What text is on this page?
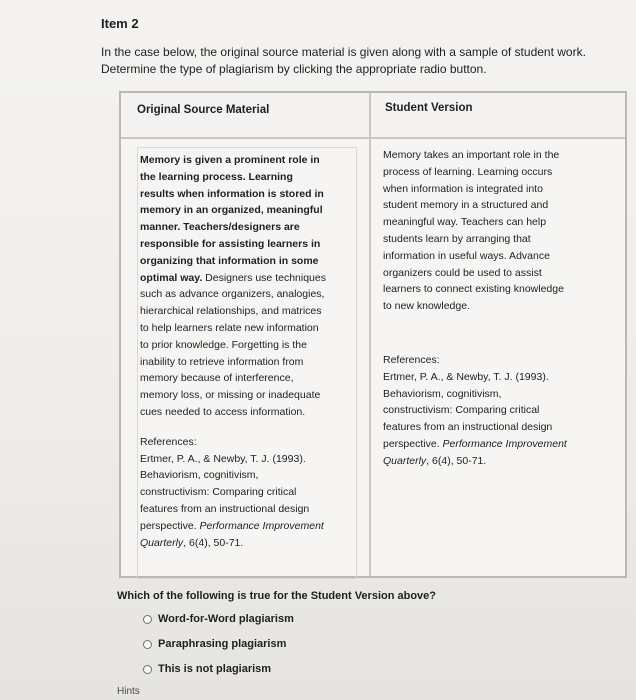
Item 2

In the case below, the original source material is given along with a sample of student work.

Determine the type of plagiarism by clicking the appropriate radio button.

Original Source Material	Student Version
Memory is given a prominent role in
the learning process. Learning
results when information is stored in
memory in an organized, meaningful
manner. Teachers/designers are
responsible for assisting learners in
organizing that information in some
optimal way. Designers use techniques
such as advance organizers, analogies,
hierarchical relationships, and matrices
to help learners relate new information
to prior knowledge. Forgetting is the
inability to retrieve information from
memory because of interference,
memory loss, or missing or inadequate
cues needed to access information.
References:
Ertmer, P. A., & Newby, T. J. (1993).
Behaviorism, cognitivism,
constructivism: Comparing critical
features from an instructional design
perspective. Performance Improvement
Quarterly, 6(4), 50-71.
Memory takes an important role in the
process of learning. Learning occurs
when information is integrated into
student memory in a structured and
meaningful way. Teachers can help
students learn by arranging that
information in useful ways. Advance
organizers could be used to assist
learners to connect existing knowledge
to new knowledge.
References:
Ertmer, P. A., & Newby, T. J. (1993).
Behaviorism, cognitivism,
constructivism: Comparing critical
features from an instructional design
perspective. Performance Improvement
Quarterly, 6(4), 50-71.
Which of the following is true for the Student Version above?
Word-for-Word plagiarism
Paraphrasing plagiarism
This is not plagiarism
Hints
